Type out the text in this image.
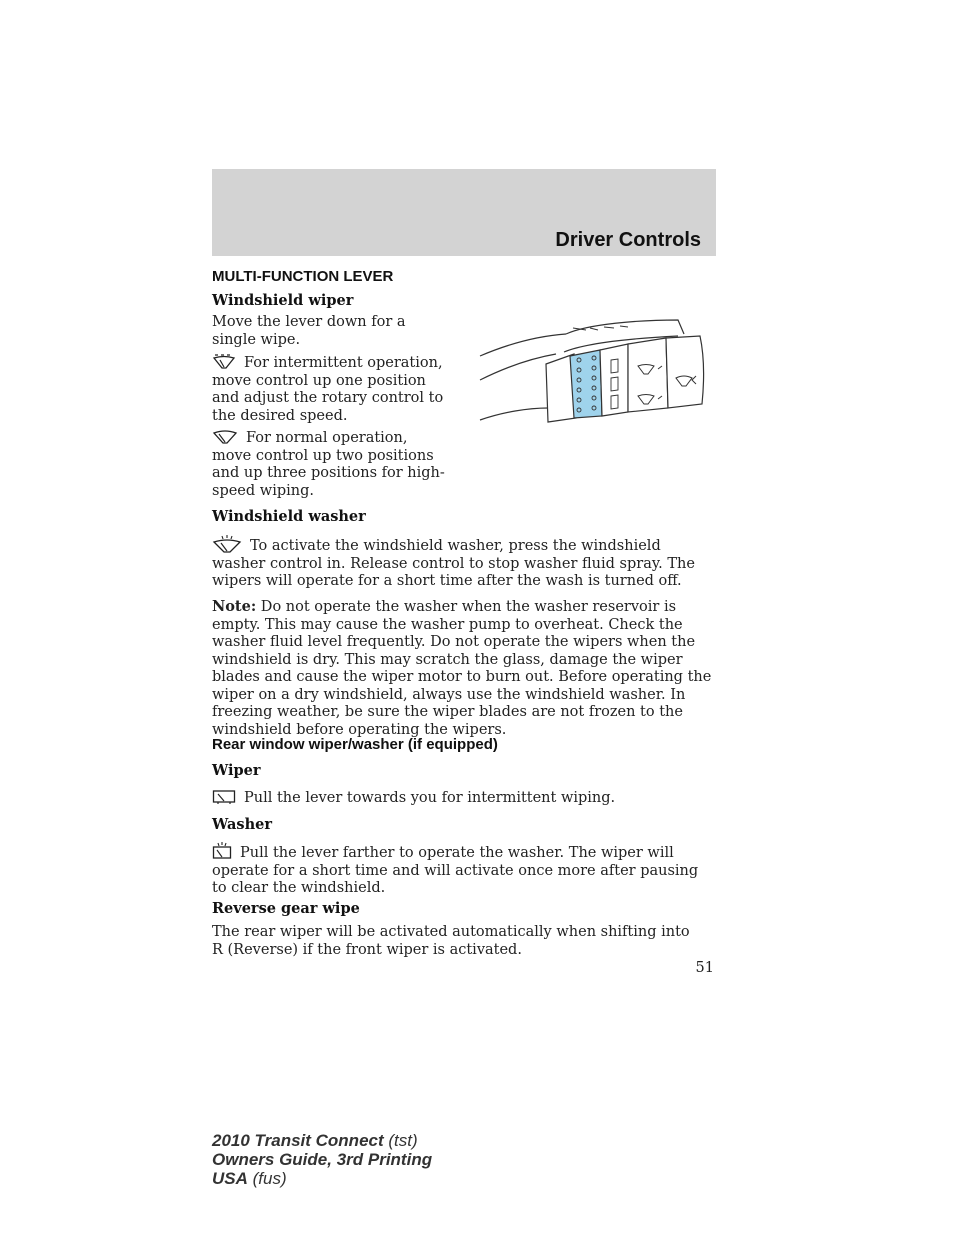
Driver Controls
MULTI-FUNCTION LEVER
Windshield wiper

Move the lever down for a single wipe.

For intermittent operation, move control up one position and adjust the rotary control to the desired speed.

For normal operation, move control up two positions and up three positions for high-speed wiping.

Windshield washer

To activate the windshield washer, press the windshield washer control in. Release control to stop washer fluid spray. The wipers will operate for a short time after the wash is turned off.

Note: Do not operate the washer when the washer reservoir is empty. This may cause the washer pump to overheat. Check the washer fluid level frequently. Do not operate the wipers when the windshield is dry. This may scratch the glass, damage the wiper blades and cause the wiper motor to burn out. Before operating the wiper on a dry windshield, always use the windshield washer. In freezing weather, be sure the wiper blades are not frozen to the windshield before operating the wipers.

Rear window wiper/washer (if equipped)
Wiper

Pull the lever towards you for intermittent wiping.

Washer

Pull the lever farther to operate the washer. The wiper will operate for a short time and will activate once more after pausing to clear the windshield.

Reverse gear wipe

The rear wiper will be activated automatically when shifting into R (Reverse) if the front wiper is activated.

51
2010 Transit Connect (tst)
Owners Guide, 3rd Printing
USA (fus)
